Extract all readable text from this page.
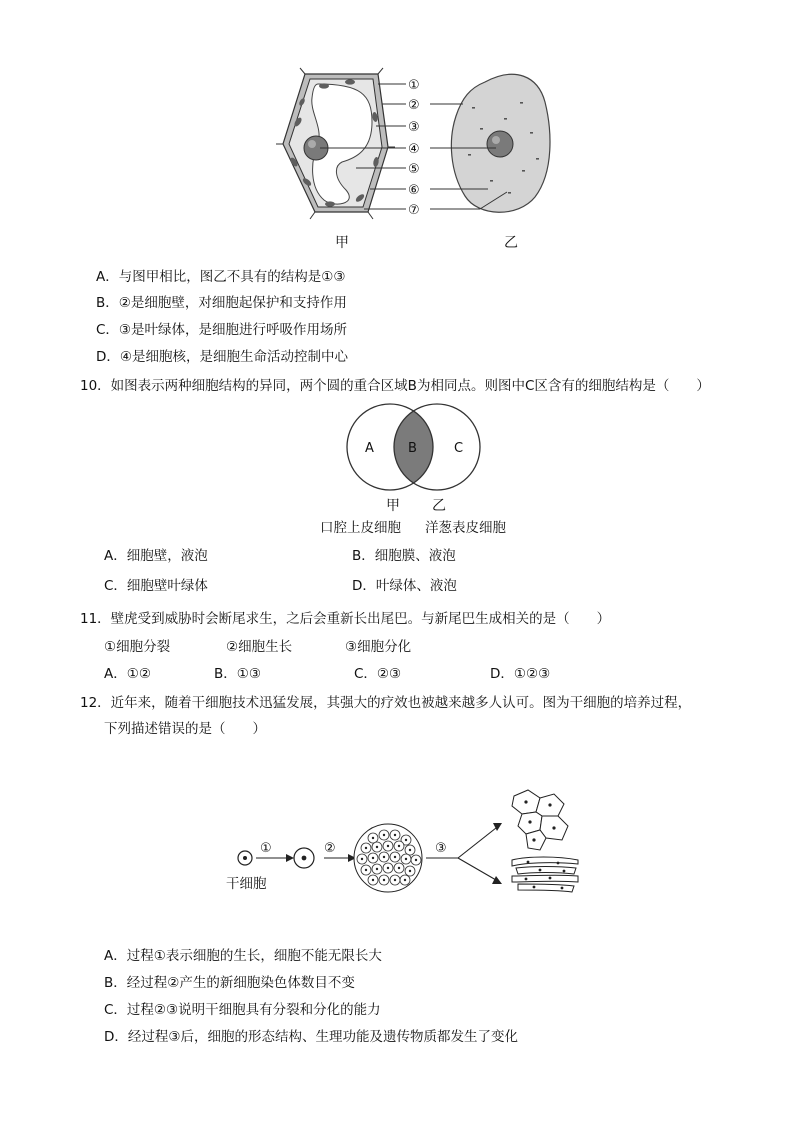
①
②
③
④
⑤
⑥
⑦
甲	乙
A．与图甲相比，图乙不具有的结构是①③
B．②是细胞壁，对细胞起保护和支持作用
C．③是叶绿体，是细胞进行呼吸作用场所
D．④是细胞核，是细胞生命活动控制中心
10．如图表示两种细胞结构的异同，两个圆的重合区域B为相同点。则图中C区含有的细胞结构是（　　）
A	B	C
甲 乙
口腔上皮细胞 洋葱表皮细胞
A．细胞壁，液泡	B．细胞膜、液泡
C．细胞壁叶绿体	D．叶绿体、液泡
11．壁虎受到威胁时会断尾求生，之后会重新长出尾巴。与新尾巴生成相关的是（　　）
①细胞分裂	②细胞生长	③细胞分化
A．①②	B．①③	C．②③	D．①②③
12．近年来，随着干细胞技术迅猛发展，其强大的疗效也被越来越多人认可。图为干细胞的培养过程，
下列描述错误的是（　　）
①	②	③
干细胞
A．过程①表示细胞的生长，细胞不能无限长大
B．经过程②产生的新细胞染色体数目不变
C．过程②③说明干细胞具有分裂和分化的能力
D．经过程③后，细胞的形态结构、生理功能及遗传物质都发生了变化
